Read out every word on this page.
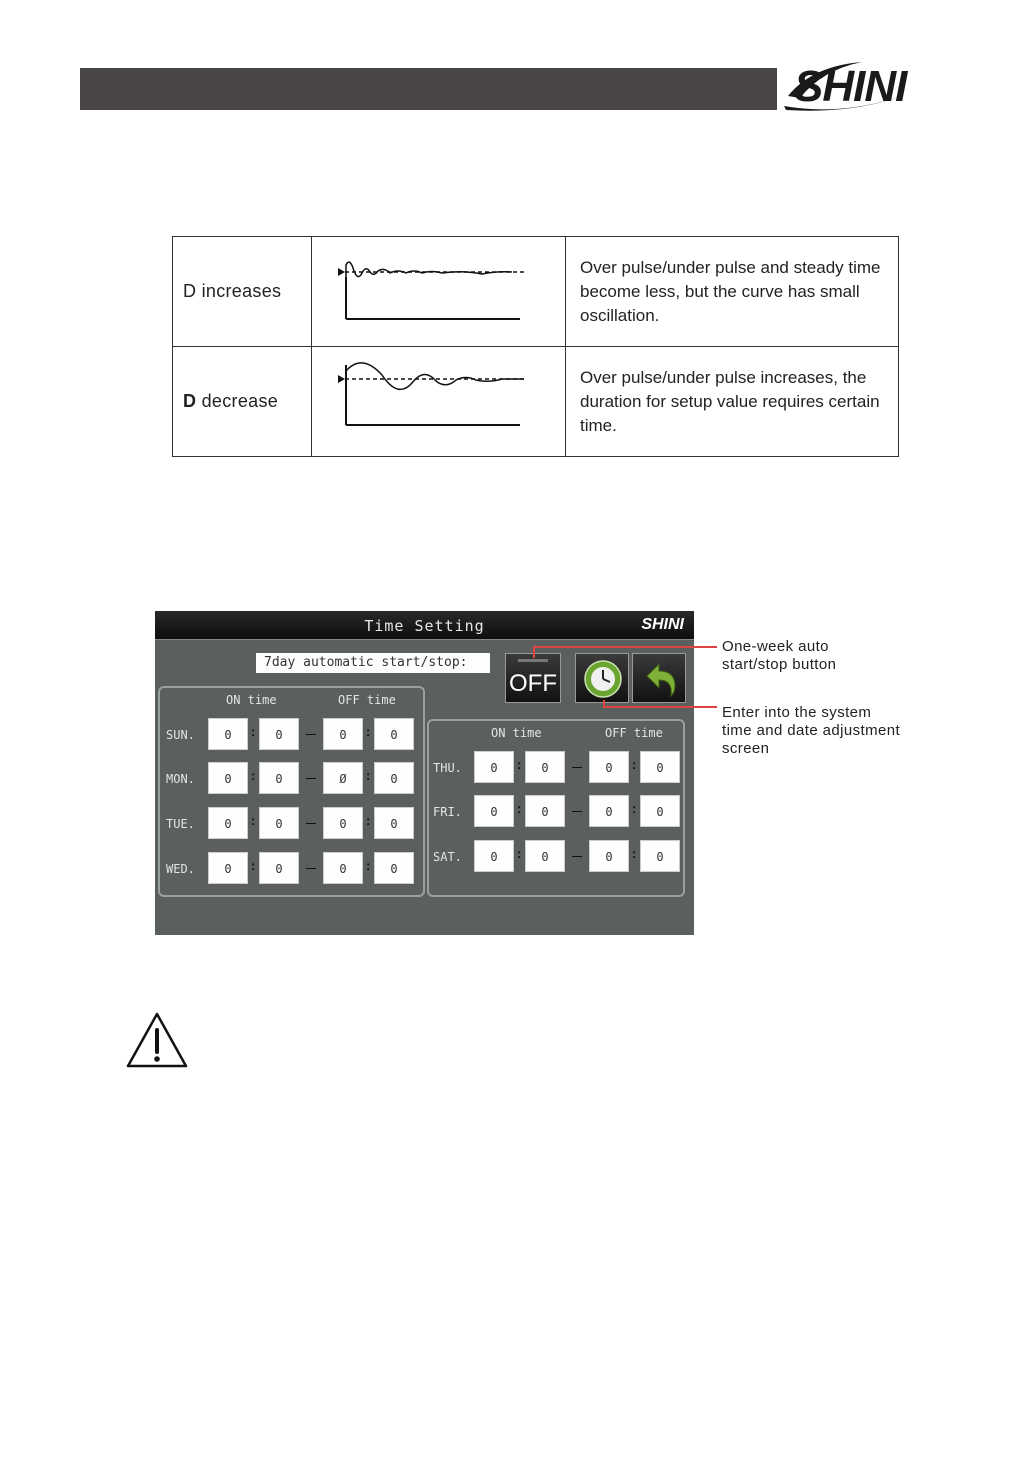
SHINI
D increases		Over pulse/under pulse and steady time become less, but the curve has small oscillation.
D decrease		Over pulse/under pulse increases, the duration for setup value requires certain time.
Time Setting	SHINI
7day automatic start/stop:
OFF
ON time	OFF time
SUN.	0	:	0	0	:	0
MON.	0	:	0	Ø	:	0
TUE.	0	:	0	0	:	0
WED.	0	:	0	0	:	0
ON time	OFF time
THU.	0	:	0	0	:	0
FRI.	0	:	0	0	:	0
SAT.	0	:	0	0	:	0
One-week auto
start/stop button
Enter into the system
time and date adjustment
screen
